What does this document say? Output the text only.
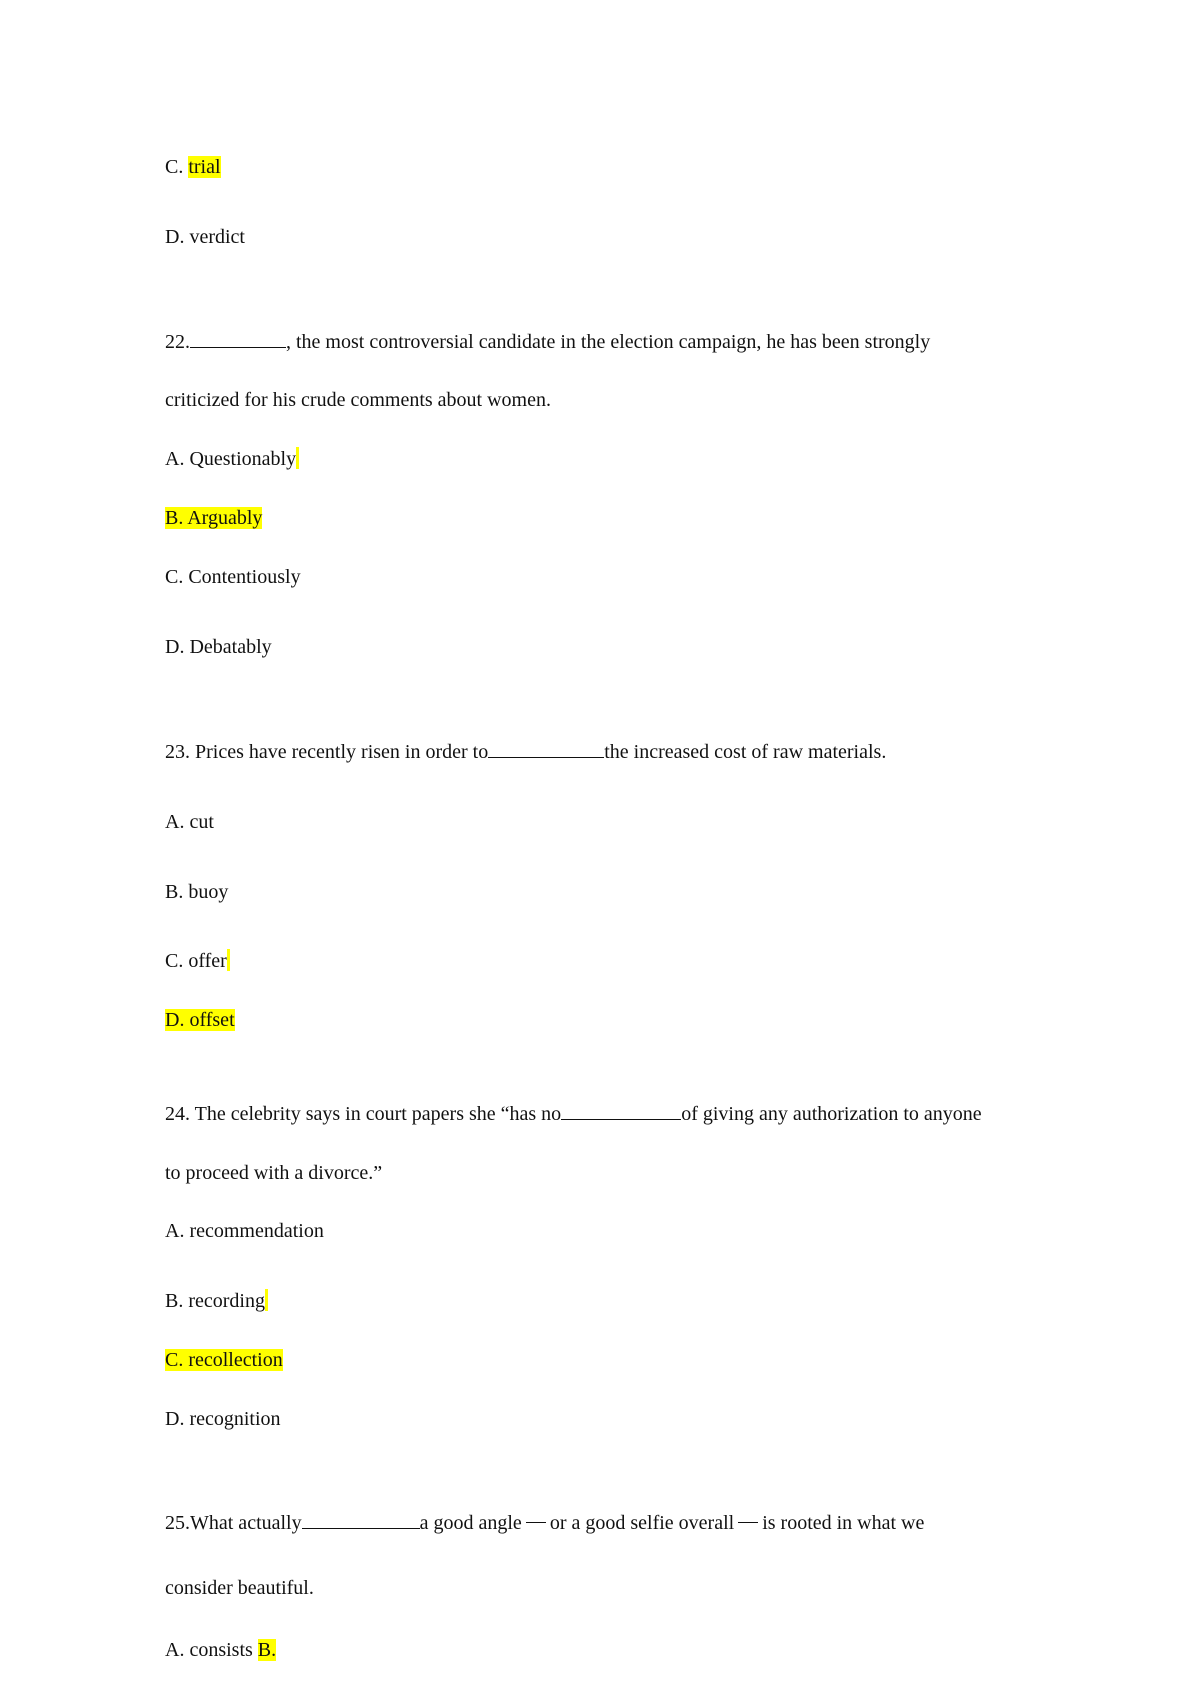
C. trial
D. verdict
22.	, the most controversial candidate in the election campaign, he has been strongly
criticized for his crude comments about women.
A. Questionably
B. Arguably
C. Contentiously
D. Debatably
23. Prices have recently risen in order to	the increased cost of raw materials.
A. cut
B. buoy
C. offer
D. offset
24. The celebrity says in court papers she “has no	of giving any authorization to anyone
to proceed with a divorce.”
A. recommendation
B. recording
C. recollection
D. recognition
25.What actually	a good angle or a good selfie overall is rooted in what we
consider beautiful.
A. consists B.
